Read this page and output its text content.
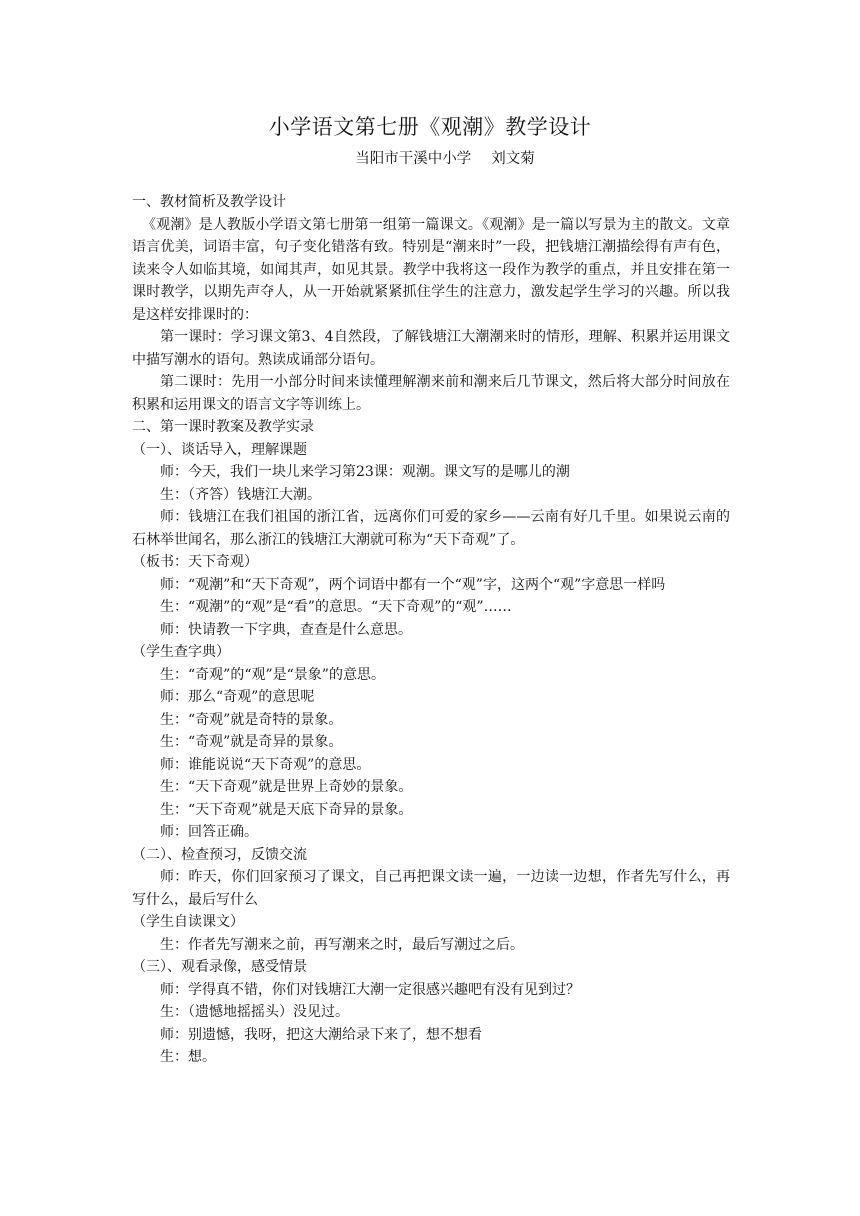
小学语文第七册《观潮》教学设计
当阳市干溪中小学 刘文菊

一、教材简析及教学设计

《观潮》是人教版小学语文第七册第一组第一篇课文。《观潮》是一篇以写景为主的散文。文章语言优美，词语丰富，句子变化错落有致。特别是“潮来时”一段，把钱塘江潮描绘得有声有色，读来令人如临其境，如闻其声，如见其景。教学中我将这一段作为教学的重点，并且安排在第一课时教学，以期先声夺人，从一开始就紧紧抓住学生的注意力，激发起学生学习的兴趣。所以我是这样安排课时的：

第一课时：学习课文第3、4自然段，了解钱塘江大潮潮来时的情形，理解、积累并运用课文中描写潮水的语句。熟读成诵部分语句。

第二课时：先用一小部分时间来读懂理解潮来前和潮来后几节课文，然后将大部分时间放在积累和运用课文的语言文字等训练上。

二、第一课时教案及教学实录

（一）、谈话导入，理解课题

师：今天，我们一块儿来学习第23课：观潮。课文写的是哪儿的潮

生：（齐答）钱塘江大潮。

师：钱塘江在我们祖国的浙江省，远离你们可爱的家乡——云南有好几千里。如果说云南的石林举世闻名，那么浙江的钱塘江大潮就可称为“天下奇观”了。

（板书：天下奇观）

师：“观潮”和“天下奇观”，两个词语中都有一个“观”字，这两个“观”字意思一样吗

生：“观潮”的“观”是“看”的意思。“天下奇观”的“观”……

师：快请教一下字典，查查是什么意思。

（学生查字典）

生：“奇观”的“观”是“景象”的意思。

师：那么“奇观”的意思呢

生：“奇观”就是奇特的景象。

生：“奇观”就是奇异的景象。

师：谁能说说“天下奇观”的意思。

生：“天下奇观”就是世界上奇妙的景象。

生：“天下奇观”就是天底下奇异的景象。

师：回答正确。

（二）、检查预习，反馈交流

师：昨天，你们回家预习了课文，自己再把课文读一遍，一边读一边想，作者先写什么，再写什么，最后写什么

（学生自读课文）

生：作者先写潮来之前，再写潮来之时，最后写潮过之后。

（三）、观看录像，感受情景

师：学得真不错，你们对钱塘江大潮一定很感兴趣吧有没有见到过？

生：（遗憾地摇摇头）没见过。

师：别遗憾，我呀，把这大潮给录下来了，想不想看

生：想。
